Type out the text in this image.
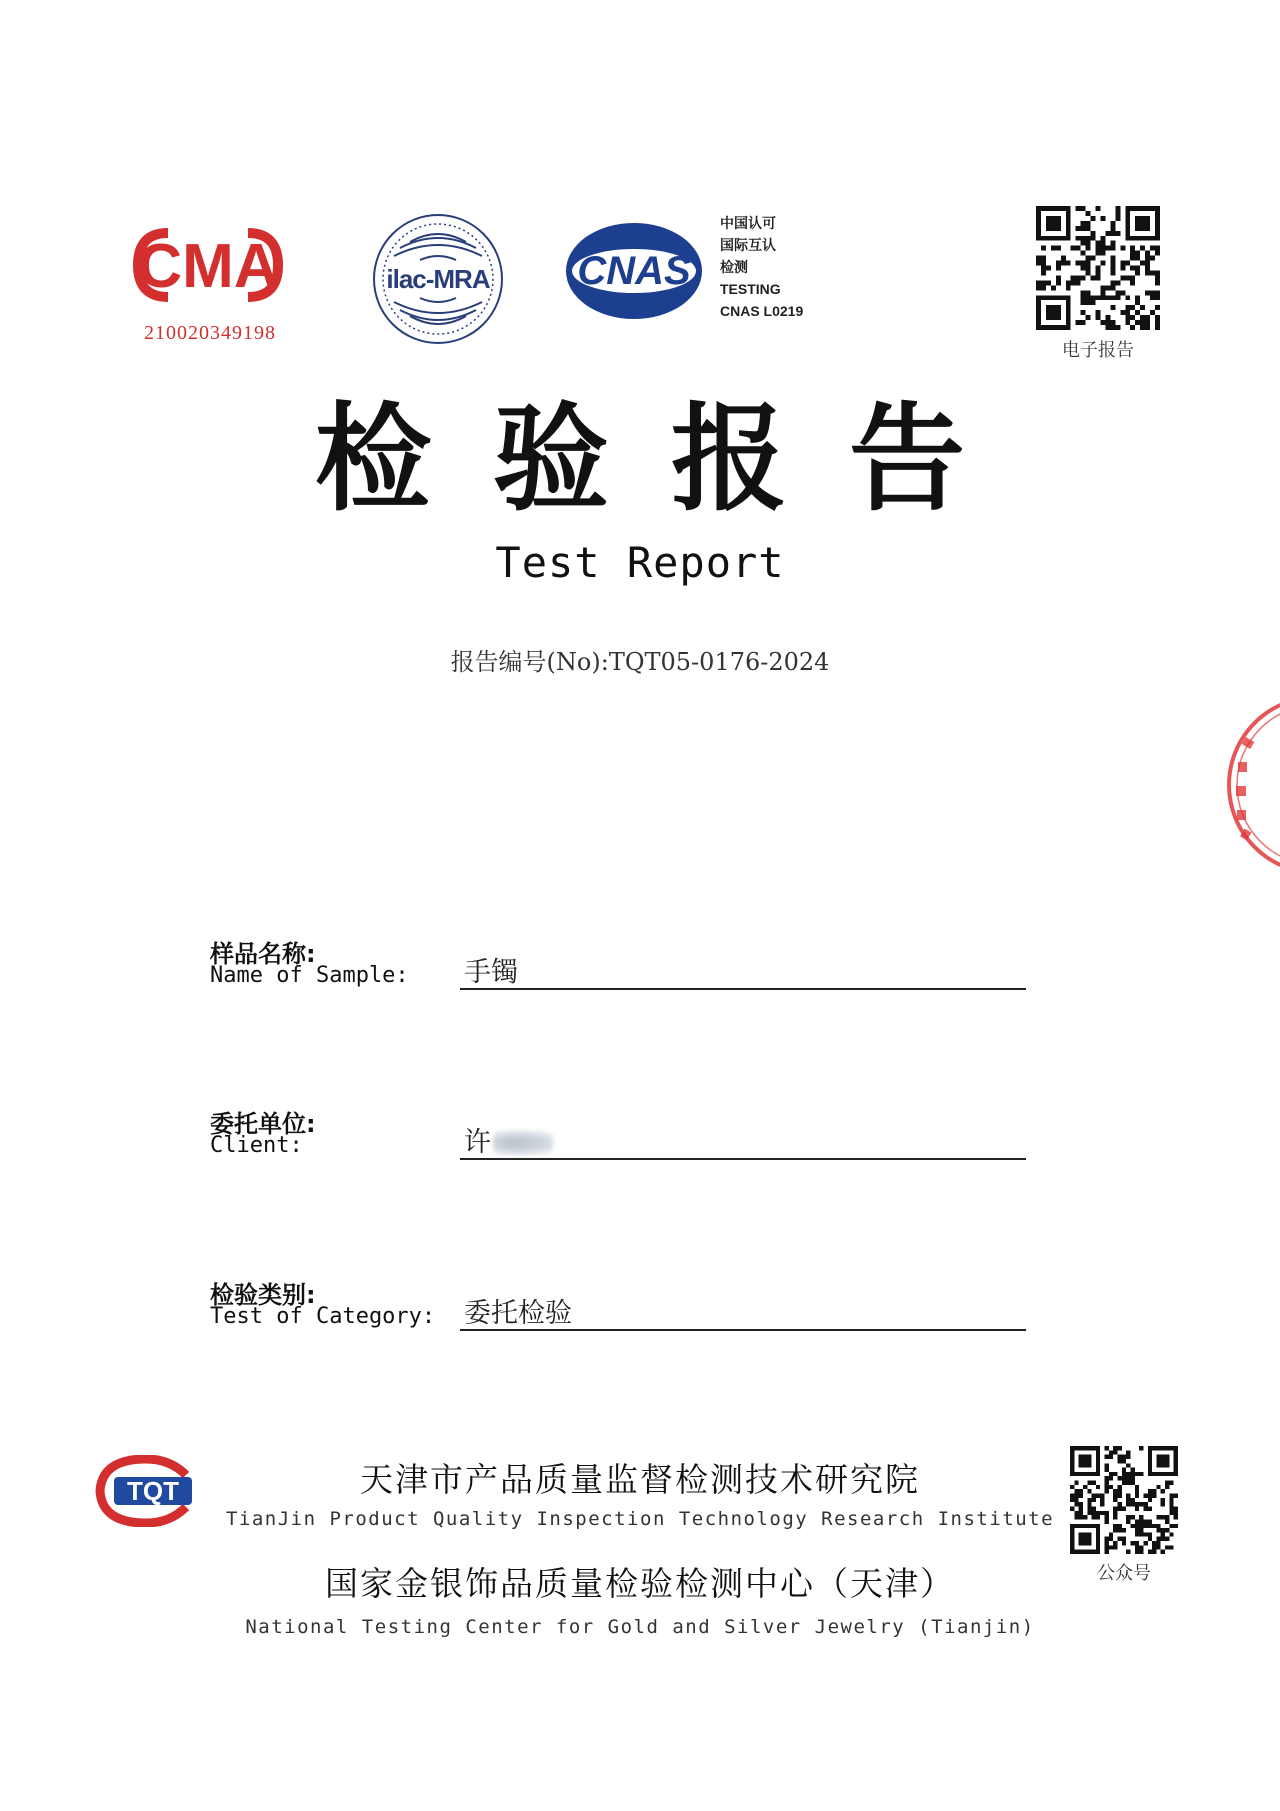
CMA
210020349198
ilac-MRA CNAS
中国认可
国际互认
检测
TESTING
CNAS L0219
电子报告
检验报告
Test Report
报告编号(No):TQT05-0176-2024
样品名称:
Name of Sample: 手镯
委托单位:
Client:	许
检验类别:
Test of Category: 委托检验
TQT	天津市产品质量监督检测技术研究院
TianJin Product Quality Inspection Technology Research Institute
国家金银饰品质量检验检测中心（天津）
National Testing Center for Gold and Silver Jewelry (Tianjin)
公众号
